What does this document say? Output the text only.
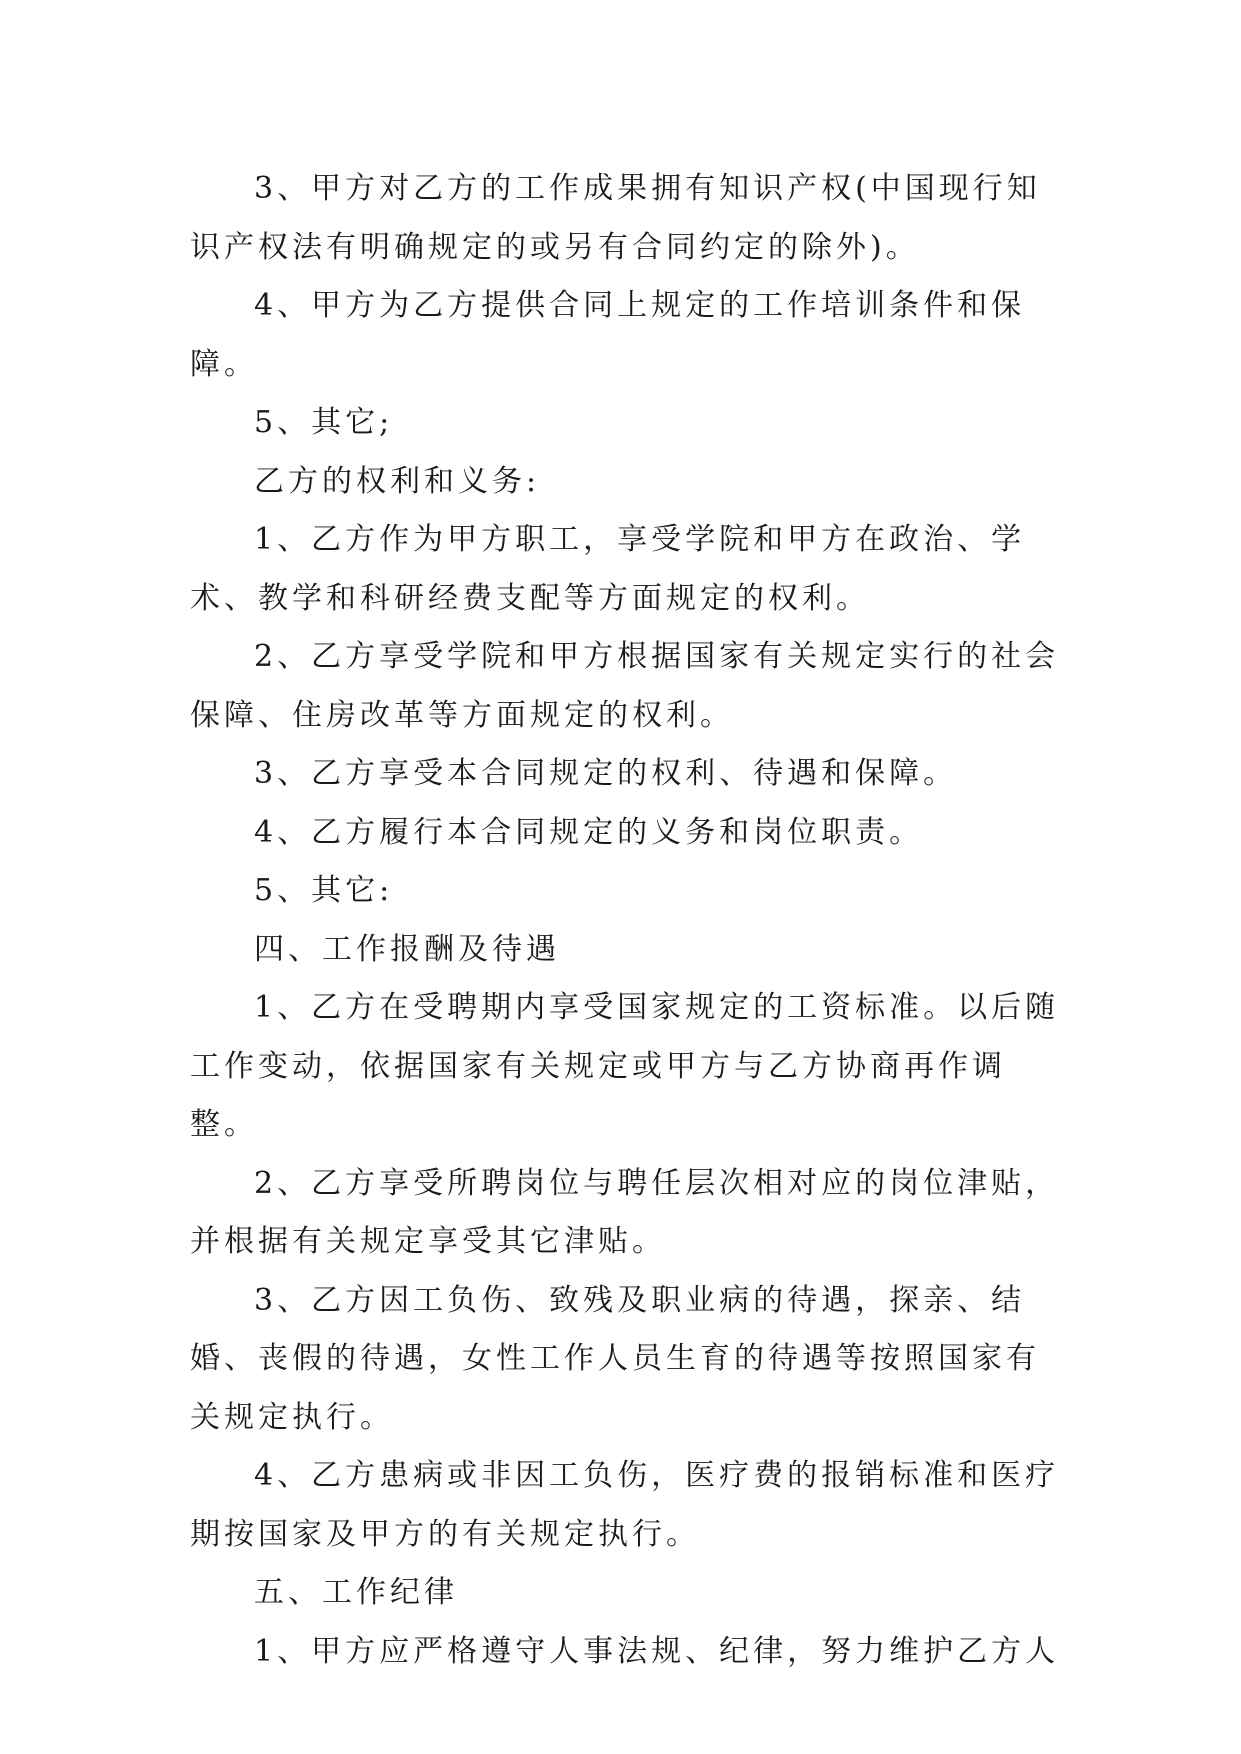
3、甲方对乙方的工作成果拥有知识产权(中国现行知识产权法有明确规定的或另有合同约定的除外)。

4、甲方为乙方提供合同上规定的工作培训条件和保障。

5、其它;

乙方的权利和义务:

1、乙方作为甲方职工，享受学院和甲方在政治、学术、教学和科研经费支配等方面规定的权利。

2、乙方享受学院和甲方根据国家有关规定实行的社会保障、住房改革等方面规定的权利。

3、乙方享受本合同规定的权利、待遇和保障。

4、乙方履行本合同规定的义务和岗位职责。

5、其它:

四、工作报酬及待遇

1、乙方在受聘期内享受国家规定的工资标准。以后随工作变动，依据国家有关规定或甲方与乙方协商再作调整。

2、乙方享受所聘岗位与聘任层次相对应的岗位津贴，并根据有关规定享受其它津贴。

3、乙方因工负伤、致残及职业病的待遇，探亲、结婚、丧假的待遇，女性工作人员生育的待遇等按照国家有关规定执行。

4、乙方患病或非因工负伤，医疗费的报销标准和医疗期按国家及甲方的有关规定执行。

五、工作纪律

1、甲方应严格遵守人事法规、纪律，努力维护乙方人
